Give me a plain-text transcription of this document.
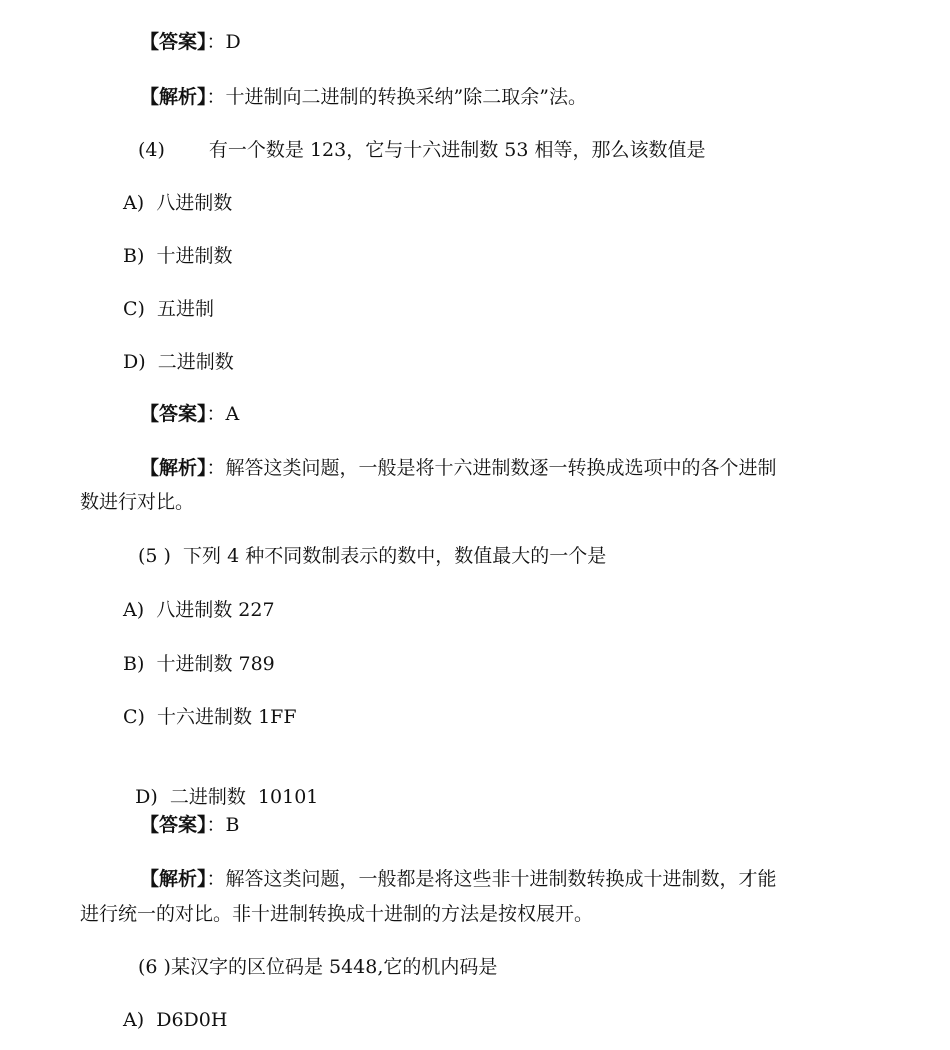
【答案】：D
【解析】：十进制向二进制的转换采纳”除二取余”法。
(4) 有一个数是 123，它与十六进制数 53 相等，那么该数值是
A) 八进制数
B) 十进制数
C) 五进制
D) 二进制数
【答案】：A
【解析】：解答这类问题，一般是将十六进制数逐一转换成选项中的各个进制
数进行对比。
(5 ) 下列 4 种不同数制表示的数中，数值最大的一个是
A) 八进制数 227
B) 十进制数 789
C) 十六进制数 1FF

D) 二进制数  10101

【答案】：B
【解析】：解答这类问题，一般都是将这些非十进制数转换成十进制数，才能
进行统一的对比。非十进制转换成十进制的方法是按权展开。
(6 )某汉字的区位码是 5448,它的机内码是
A) D6D0H
